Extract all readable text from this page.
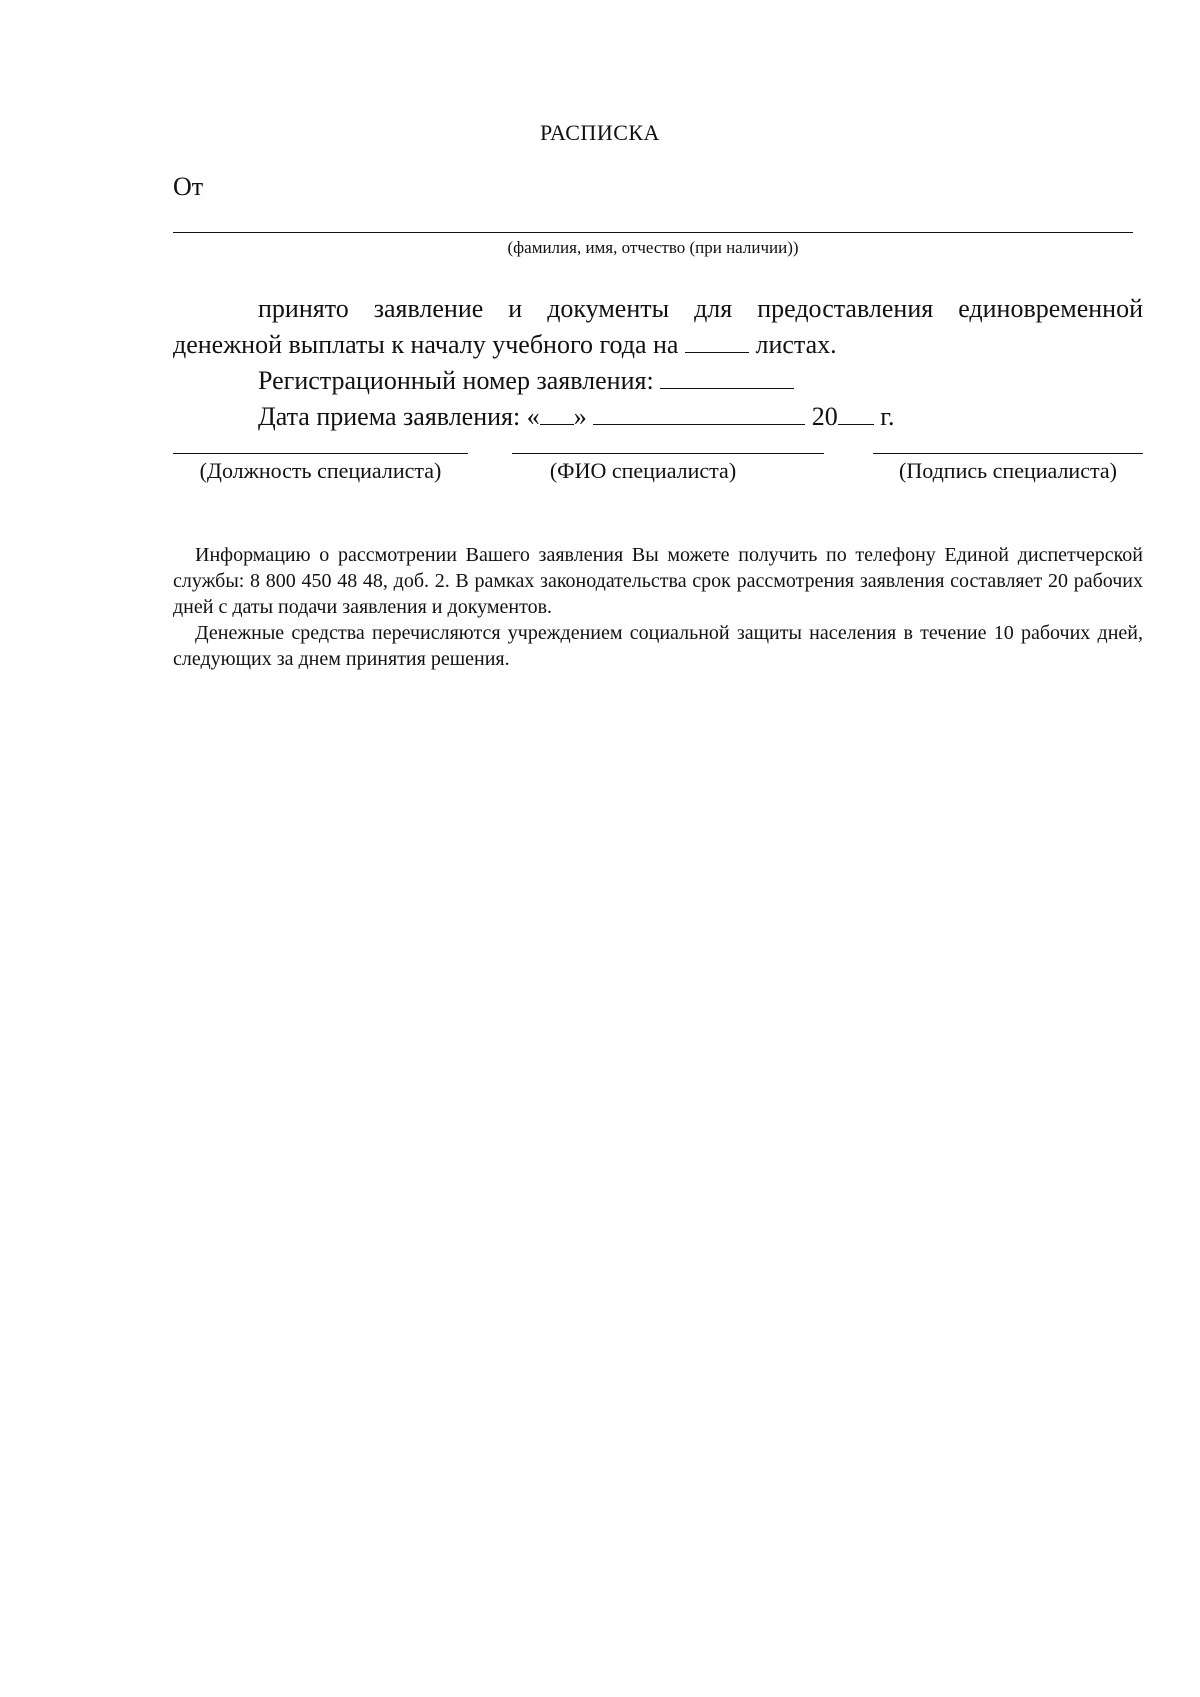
РАСПИСКА
От
(фамилия, имя, отчество (при наличии))

принято заявление и документы для предоставления единовременной денежной выплаты к началу учебного года на	листах.

Регистрационный номер заявления:

Дата приема заявления: « »	20 г.

(Должность специалиста)	(ФИО специалиста)	(Подпись специалиста)

Информацию о рассмотрении Вашего заявления Вы можете получить по телефону Единой диспетчерской службы: 8 800 450 48 48, доб. 2. В рамках законодательства срок рассмотрения заявления составляет 20 рабочих дней с даты подачи заявления и документов.

Денежные средства перечисляются учреждением социальной защиты населения в течение 10 рабочих дней, следующих за днем принятия решения.
